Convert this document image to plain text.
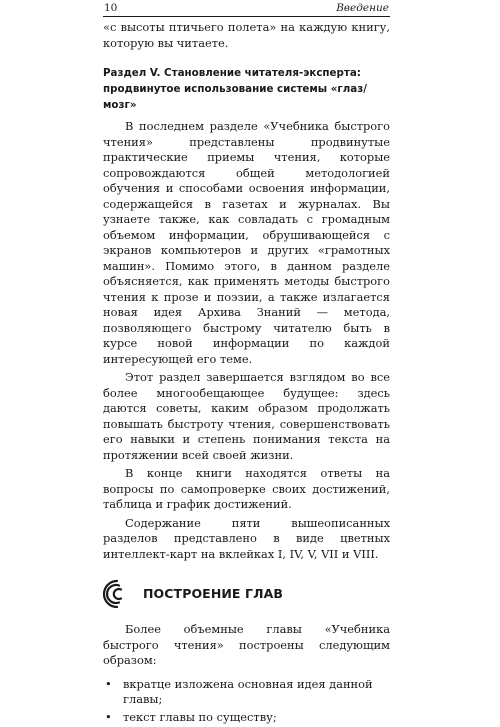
10	Введение

«с высоты птичьего полета» на каждую книгу, которую вы читаете.

Раздел V. Становление читателя-эксперта:
продвинутое использование системы «глаз/мозг»

В последнем разделе «Учебника быстрого чтения» представлены продвинутые практические приемы чтения, которые сопровождаются общей методологией обучения и способами освоения информации, содержащейся в газетах и журналах. Вы узнаете также, как совладать с громадным объемом информации, обрушивающейся с экранов компьютеров и других «грамотных машин». Помимо этого, в данном разделе объясняется, как применять методы быстрого чтения к прозе и поэзии, а также излагается новая идея Архива Знаний — метода, позволяющего быстрому читателю быть в курсе новой информации по каждой интересующей его теме.

Этот раздел завершается взглядом во все более многообещающее будущее: здесь даются советы, каким образом продолжать повышать быстроту чтения, совершенствовать его навыки и степень понимания текста на протяжении всей своей жизни.

В конце книги находятся ответы на вопросы по самопроверке своих достижений, таблица и график достижений.

Содержание пяти вышеописанных разделов представлено в виде цветных интеллект-карт на вклейках I, IV, V, VII и VIII.

ПОСТРОЕНИЕ ГЛАВ

Более объемные главы «Учебника быстрого чтения» построены следующим образом:

• вкратце изложена основная идея данной главы;
• текст главы по существу;
